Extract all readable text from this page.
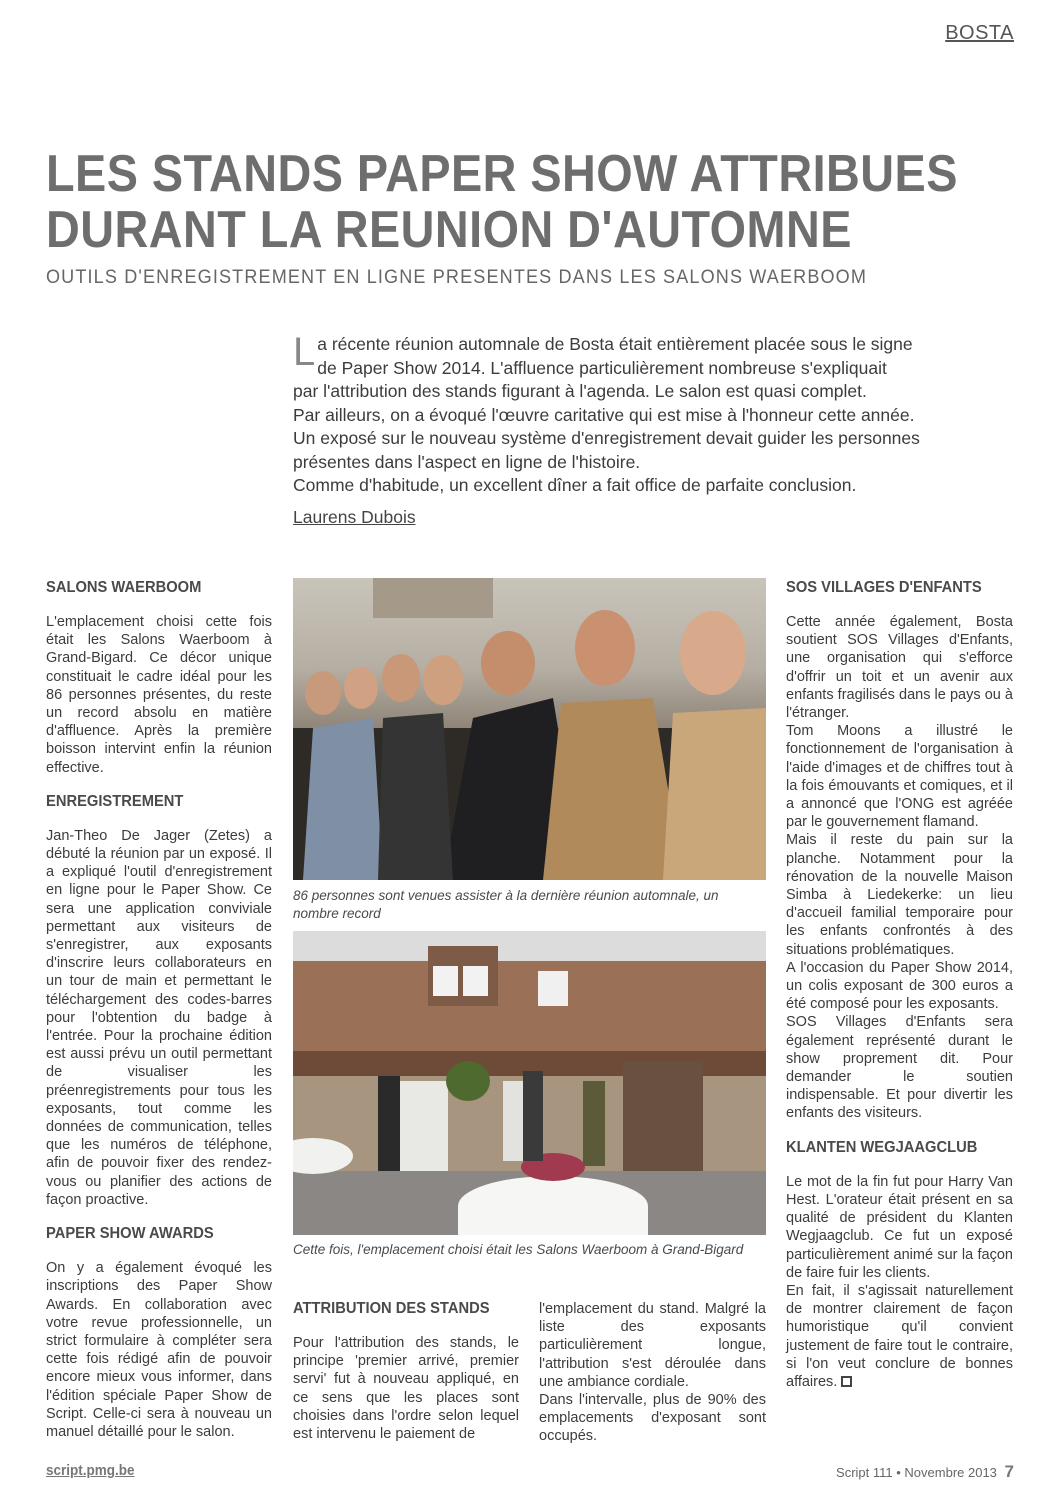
BOSTA
LES STANDS PAPER SHOW ATTRIBUES
DURANT LA REUNION D'AUTOMNE
OUTILS D'ENREGISTREMENT EN LIGNE PRESENTES DANS LES SALONS WAERBOOM
L a récente réunion automnale de Bosta était entièrement placée sous le signe

de Paper Show 2014. L'affluence particulièrement nombreuse s'expliquait

par l'attribution des stands figurant à l'agenda. Le salon est quasi complet.

Par ailleurs, on a évoqué l'œuvre caritative qui est mise à l'honneur cette année.

Un exposé sur le nouveau système d'enregistrement devait guider les personnes

présentes dans l'aspect en ligne de l'histoire.

Comme d'habitude, un excellent dîner a fait office de parfaite conclusion.

Laurens Dubois
SALONS WAERBOOM

L'emplacement choisi cette fois était les Salons Waerboom à Grand-Bigard. Ce décor unique constituait le cadre idéal pour les 86 personnes présentes, du reste un record absolu en matière d'affluence. Après la première boisson intervint enfin la réunion effective.

ENREGISTREMENT

Jan-Theo De Jager (Zetes) a débuté la réunion par un exposé. Il a expliqué l'outil d'enregistrement en ligne pour le Paper Show. Ce sera une application conviviale permettant aux visiteurs de s'enregistrer, aux exposants d'inscrire leurs collaborateurs en un tour de main et permettant le téléchargement des codes-barres pour l'obtention du badge à l'entrée. Pour la prochaine édition est aussi prévu un outil permettant de visualiser les préenregistrements pour tous les exposants, tout comme les données de communication, telles que les numéros de téléphone, afin de pouvoir fixer des rendez-vous ou planifier des actions de façon proactive.

PAPER SHOW AWARDS

On y a également évoqué les inscriptions des Paper Show Awards. En collaboration avec votre revue professionnelle, un strict formulaire à compléter sera cette fois rédigé afin de pouvoir encore mieux vous informer, dans l'édition spéciale Paper Show de Script. Celle-ci sera à nouveau un manuel détaillé pour le salon.

86 personnes sont venues assister à la dernière réunion automnale, un nombre record
Cette fois, l'emplacement choisi était les Salons Waerboom à Grand-Bigard
ATTRIBUTION DES STANDS

Pour l'attribution des stands, le principe 'premier arrivé, premier servi' fut à nouveau appliqué, en ce sens que les places sont choisies dans l'ordre selon lequel est intervenu le paiement de

l'emplacement du stand. Malgré la liste des exposants particulièrement longue, l'attribution s'est déroulée dans une ambiance cordiale.

Dans l'intervalle, plus de 90% des emplacements d'exposant sont occupés.

SOS VILLAGES D'ENFANTS

Cette année également, Bosta soutient SOS Villages d'Enfants, une organisation qui s'efforce d'offrir un toit et un avenir aux enfants fragilisés dans le pays ou à l'étranger.

Tom Moons a illustré le fonctionnement de l'organisation à l'aide d'images et de chiffres tout à la fois émouvants et comiques, et il a annoncé que l'ONG est agréée par le gouvernement flamand.

Mais il reste du pain sur la planche. Notamment pour la rénovation de la nouvelle Maison Simba à Liedekerke: un lieu d'accueil familial temporaire pour les enfants confrontés à des situations problématiques.

A l'occasion du Paper Show 2014, un colis exposant de 300 euros a été composé pour les exposants.

SOS Villages d'Enfants sera également représenté durant le show proprement dit. Pour demander le soutien indispensable. Et pour divertir les enfants des visiteurs.

KLANTEN WEGJAAGCLUB

Le mot de la fin fut pour Harry Van Hest. L'orateur était présent en sa qualité de président du Klanten Wegjaagclub. Ce fut un exposé particulièrement animé sur la façon de faire fuir les clients.

En fait, il s'agissait naturellement de montrer clairement de façon humoristique qu'il convient justement de faire tout le contraire, si l'on veut conclure de bonnes affaires.

script.pmg.be	Script 111 • Novembre 2013 7
